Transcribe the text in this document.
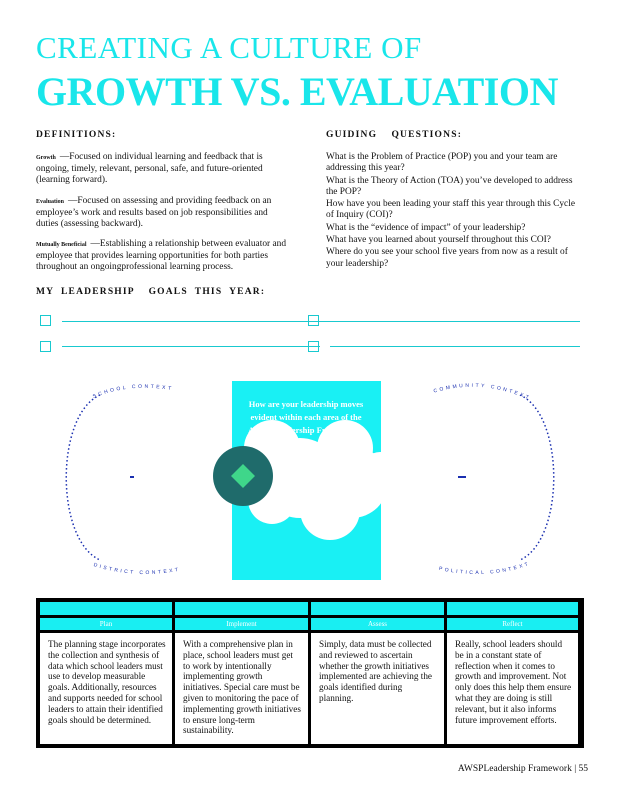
CREATING A CULTURE OF
GROWTH VS. EVALUATION
DEFINITIONS:
Growth —Focused on individual learning and feedback that is ongoing, timely, relevant, personal, safe, and future-oriented (learning forward).
Evaluation —Focused on assessing and providing feedback on an employee’s work and results based on job responsibilities and duties (assessing backward).
Mutually Beneficial —Establishing a relationship between evaluator and employee that provides learning opportunities for both parties throughout an ongoingprofessional learning process.
GUIDING    QUESTIONS:
What is the Problem of Practice (POP) you and your team are addressing this year?
What is the Theory of Action (TOA) you’ve developed to address the POP?
How have you been leading your staff this year through this Cycle of Inquiry (COI)?
What is the “evidence of impact” of your leadership?
What have you learned about yourself throughout this COI?
Where do you see your school five years from now as a result of your leadership?
MY  LEADERSHIP    GOALS  THIS  YEAR:
SCHOOL CONTEXT	COMMUNITY CONTEXT
DISTRICT CONTEXT	POLITICAL CONTEXT
How are your leadership moves evident within each area of the AWSP Leadership Framework?
Plan
The planning stage incorporates the collection and synthesis of data which school leaders must use to develop measurable goals. Additionally, resources and supports needed for school leaders to attain their identified goals should be determined.
Implement
With a comprehensive plan in place, school leaders must get to work by intentionally implementing growth initiatives. Special care must be given to monitoring the pace of implementing growth initiatives to ensure long-term sustainability.
Assess
Simply, data must be collected and reviewed to ascertain whether the growth initiatives implemented are achieving the goals identified during planning.
Reflect
Really, school leaders should be in a constant state of reflection when it comes to growth and improvement. Not only does this help them ensure what they are doing is still relevant, but it also informs future improvement efforts.
AWSPLeadership Framework | 55
